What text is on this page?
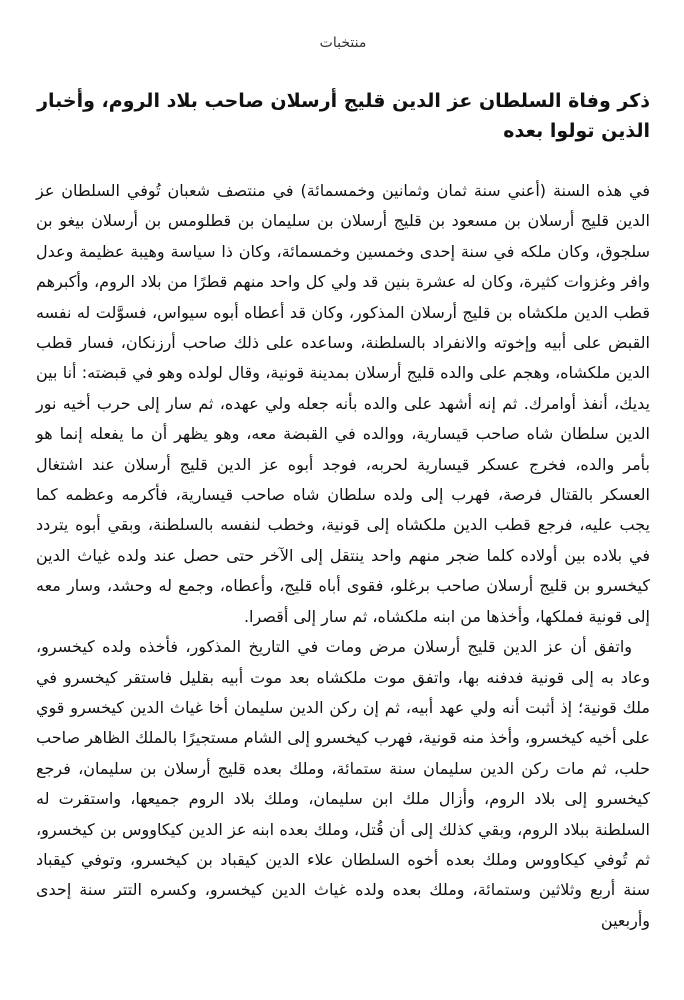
منتخبات
ذكر وفاة السلطان عز الدين قليج أرسلان صاحب بلاد الروم، وأخبار الذين تولوا بعده

في هذه السنة (أعني سنة ثمان وثمانين وخمسمائة) في منتصف شعبان تُوفي السلطان عز الدين قليج أرسلان بن مسعود بن قليج أرسلان بن سليمان بن قطلومس بن أرسلان بيغو بن سلجوق، وكان ملكه في سنة إحدى وخمسين وخمسمائة، وكان ذا سياسة وهيبة عظيمة وعدل وافر وغزوات كثيرة، وكان له عشرة بنين قد ولي كل واحد منهم قطرًا من بلاد الروم، وأكبرهم قطب الدين ملكشاه بن قليج أرسلان المذكور، وكان قد أعطاه أبوه سيواس، فسوَّلت له نفسه القبض على أبيه وإخوته والانفراد بالسلطنة، وساعده على ذلك صاحب أرزنكان، فسار قطب الدين ملكشاه، وهجم على والده قليج أرسلان بمدينة قونية، وقال لولده وهو في قبضته: أنا بين يديك، أنفذ أوامرك. ثم إنه أشهد على والده بأنه جعله ولي عهده، ثم سار إلى حرب أخيه نور الدين سلطان شاه صاحب قيسارية، ووالده في القبضة معه، وهو يظهر أن ما يفعله إنما هو بأمر والده، فخرج عسكر قيسارية لحربه، فوجد أبوه عز الدين قليج أرسلان عند اشتغال العسكر بالقتال فرصة، فهرب إلى ولده سلطان شاه صاحب قيسارية، فأكرمه وعظمه كما يجب عليه، فرجع قطب الدين ملكشاه إلى قونية، وخطب لنفسه بالسلطنة، وبقي أبوه يتردد في بلاده بين أولاده كلما ضجر منهم واحد ينتقل إلى الآخر حتى حصل عند ولده غياث الدين كيخسرو بن قليج أرسلان صاحب برغلو، فقوى أباه قليج، وأعطاه، وجمع له وحشد، وسار معه إلى قونية فملكها، وأخذها من ابنه ملكشاه، ثم سار إلى أقصرا.

واتفق أن عز الدين قليج أرسلان مرض ومات في التاريخ المذكور، فأخذه ولده كيخسرو، وعاد به إلى قونية فدفنه بها، واتفق موت ملكشاه بعد موت أبيه بقليل فاستقر كيخسرو في ملك قونية؛ إذ أثبت أنه ولي عهد أبيه، ثم إن ركن الدين سليمان أخا غياث الدين كيخسرو قوي على أخيه كيخسرو، وأخذ منه قونية، فهرب كيخسرو إلى الشام مستجيرًا بالملك الظاهر صاحب حلب، ثم مات ركن الدين سليمان سنة ستمائة، وملك بعده قليج أرسلان بن سليمان، فرجع كيخسرو إلى بلاد الروم، وأزال ملك ابن سليمان، وملك بلاد الروم جميعها، واستقرت له السلطنة ببلاد الروم، وبقي كذلك إلى أن قُتل، وملك بعده ابنه عز الدين كيكاووس بن كيخسرو، ثم تُوفي كيكاووس وملك بعده أخوه السلطان علاء الدين كيقباد بن كيخسرو، وتوفي كيقباد سنة أربع وثلاثين وستمائة، وملك بعده ولده غياث الدين كيخسرو، وكسره التتر سنة إحدى وأربعين
